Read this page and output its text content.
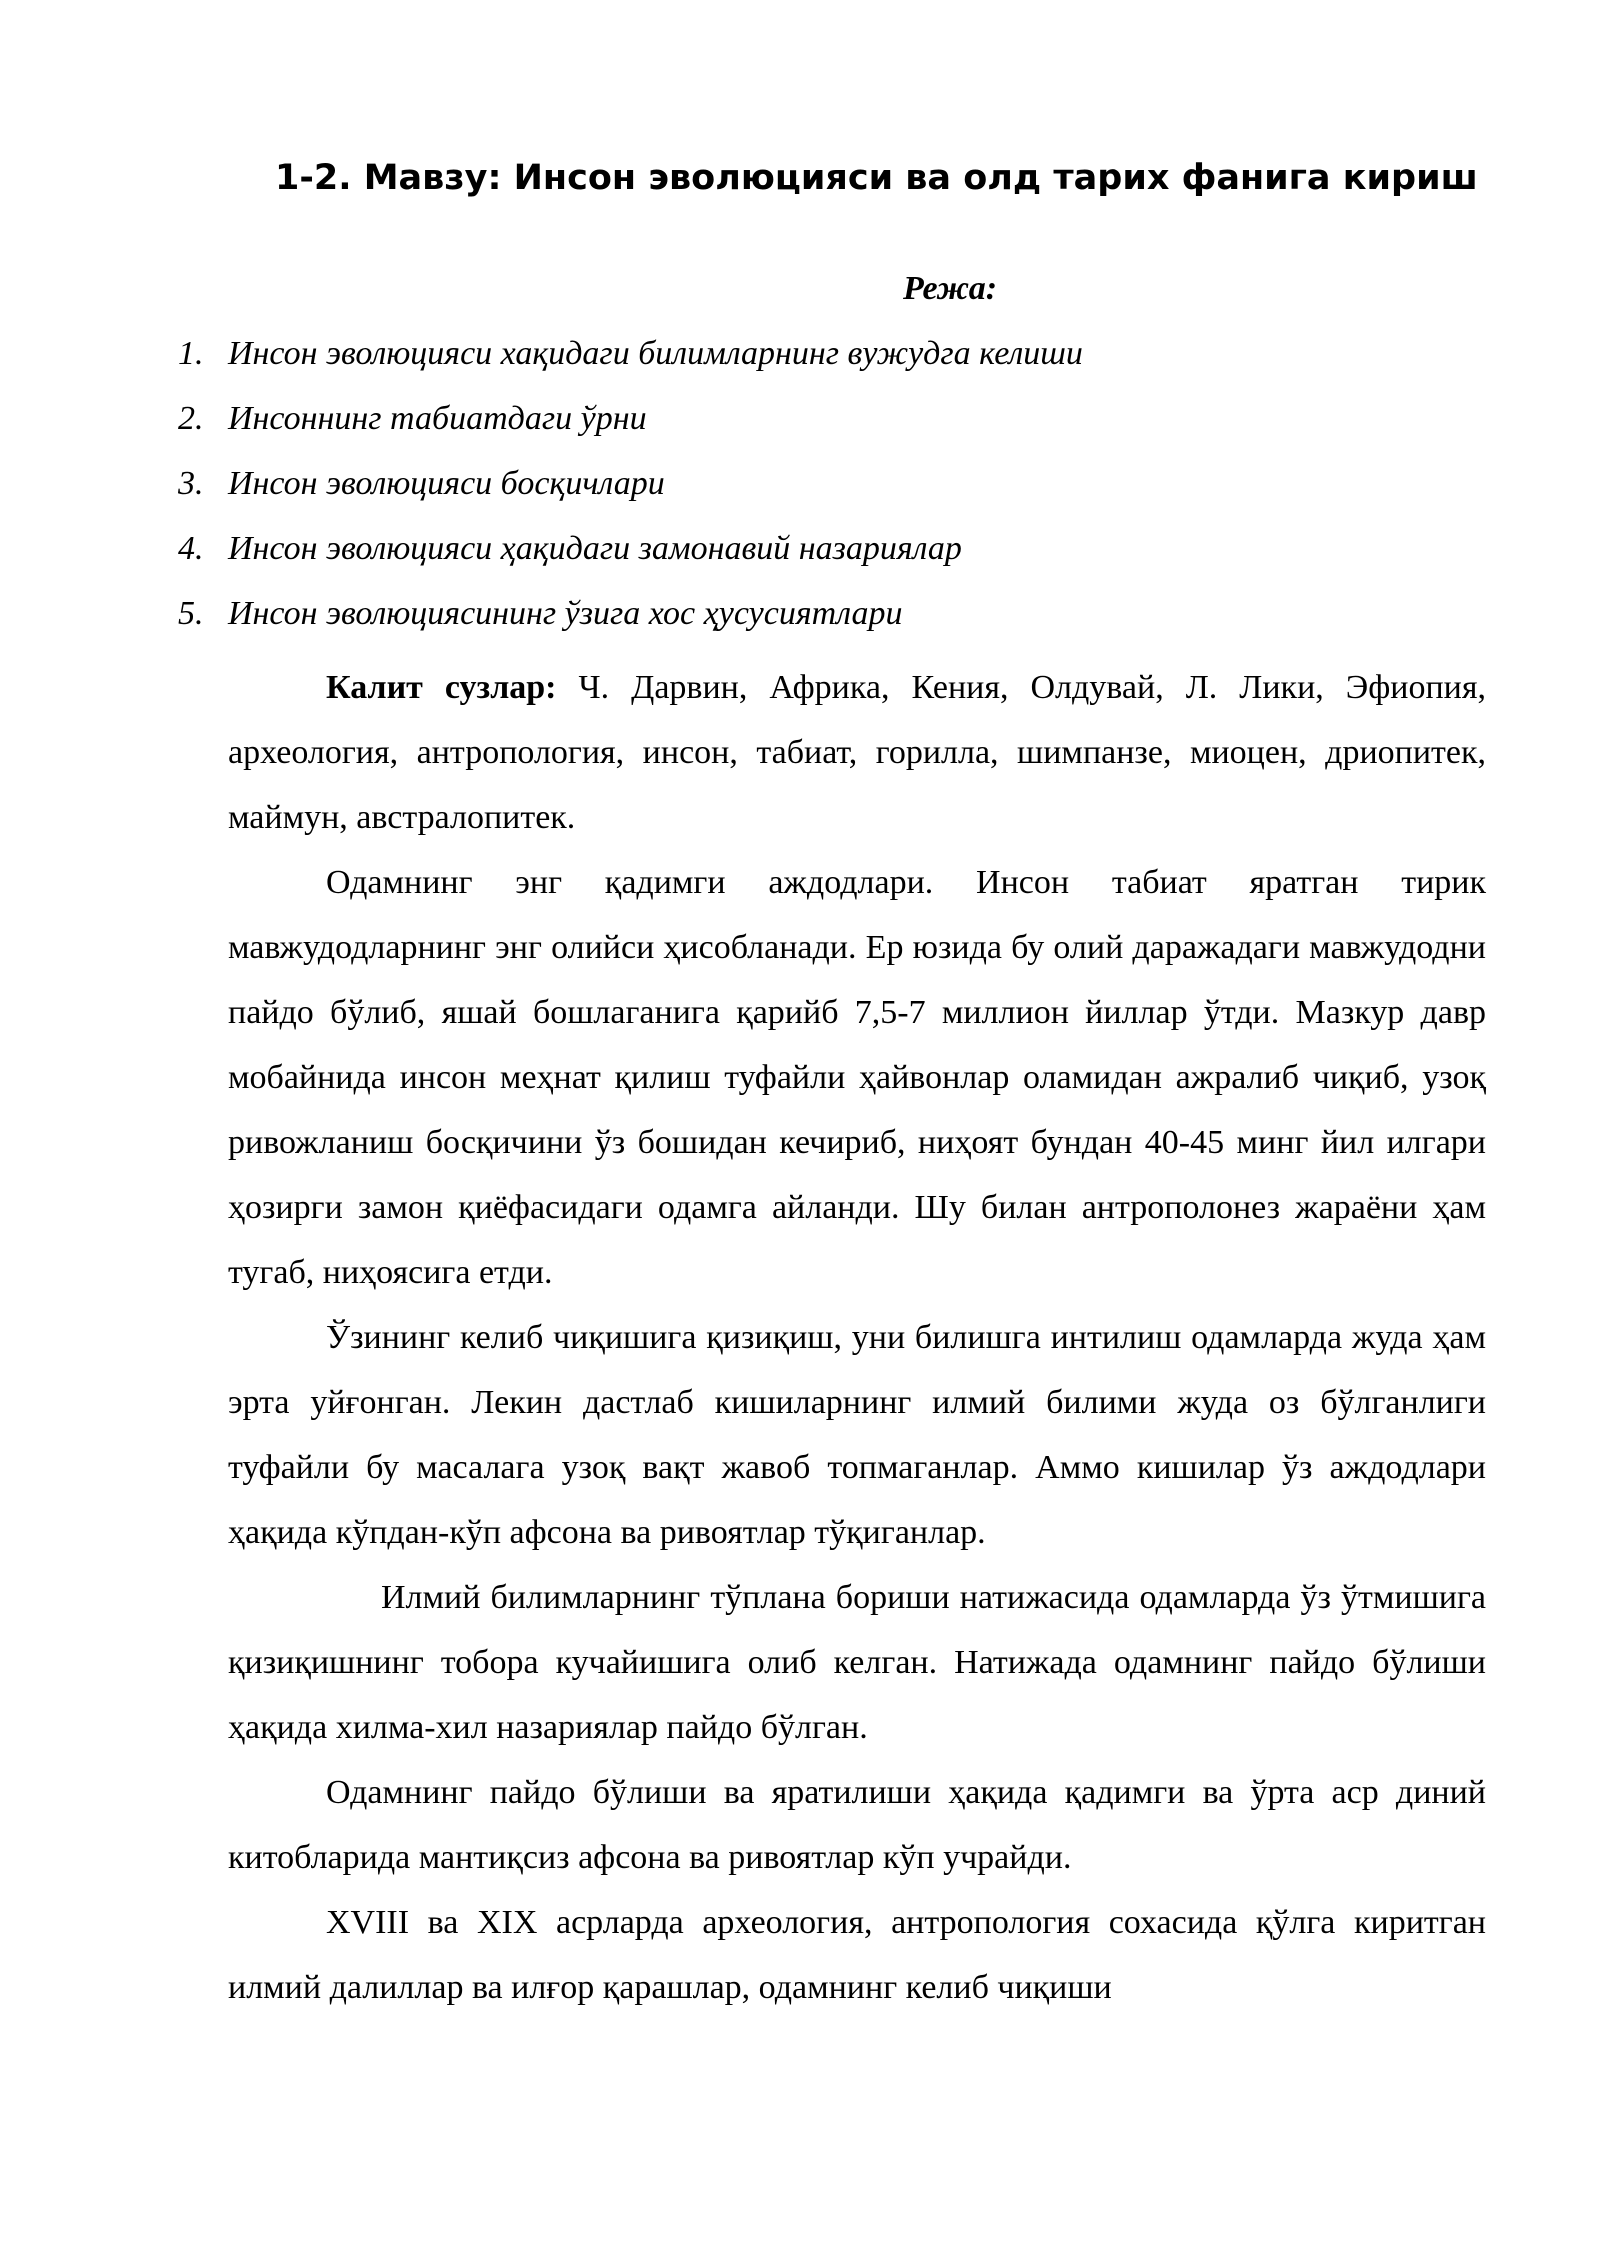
1-2. Мавзу: Инсон эволюцияси ва олд тарих фанига кириш
Режа:
1. Инсон эволюцияси хақидаги билимларнинг вужудга келиши
2. Инсоннинг табиатдаги ўрни
3. Инсон эволюцияси босқичлари
4. Инсон эволюцияси ҳақидаги замонавий назариялар
5. Инсон эволюциясининг ўзига хос ҳусусиятлари

Калит сузлар: Ч. Дарвин, Африка, Кения, Олдувай, Л. Лики, Эфиопия, археология, антропология, инсон, табиат, горилла, шимпанзе, миоцен, дриопитек, маймун, австралопитек.

Одамнинг энг қадимги аждодлари. Инсон табиат яратган тирик мавжудодларнинг энг олийси ҳисобланади. Ер юзида бу олий даражадаги мавжудодни пайдо бўлиб, яшай бошлаганига қарийб 7,5-7 миллион йиллар ўтди. Мазкур давр мобайнида инсон меҳнат қилиш туфайли ҳайвонлар оламидан ажралиб чиқиб, узоқ ривожланиш босқичини ўз бошидан кечириб, ниҳоят бундан 40-45 минг йил илгари ҳозирги замон қиёфасидаги одамга айланди. Шу билан антрополонез жараёни ҳам тугаб, ниҳоясига етди.

Ўзининг келиб чиқишига қизиқиш, уни билишга интилиш одамларда жуда ҳам эрта уйғонган. Лекин дастлаб кишиларнинг илмий билими жуда оз бўлганлиги туфайли бу масалага узоқ вақт жавоб топмаганлар. Аммо кишилар ўз аждодлари ҳақида кўпдан-кўп афсона ва ривоятлар тўқиганлар.

Илмий билимларнинг тўплана бориши натижасида одамларда ўз ўтмишига қизиқишнинг тобора кучайишига олиб келган. Натижада одамнинг пайдо бўлиши ҳақида хилма-хил назариялар пайдо бўлган.

Одамнинг пайдо бўлиши ва яратилиши ҳақида қадимги ва ўрта аср диний китобларида мантиқсиз афсона ва ривоятлар кўп учрайди.

XVIII ва XIX асрларда археология, антропология сохасида қўлга киритган илмий далиллар ва илғор қарашлар, одамнинг келиб чиқиши
